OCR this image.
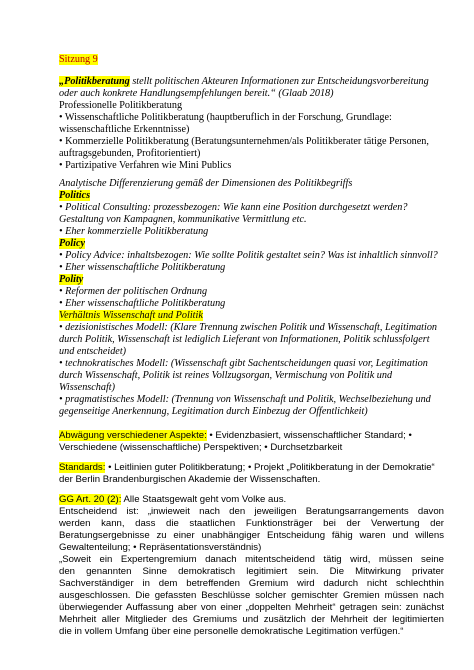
Sitzung 9
„Politikberatung stellt politischen Akteuren Informationen zur Entscheidungsvorbereitung
oder auch konkrete Handlungsempfehlungen bereit.“ (Glaab 2018)
Professionelle Politikberatung
• Wissenschaftliche Politikberatung (hauptberuflich in der Forschung, Grundlage:
wissenschaftliche Erkenntnisse)
• Kommerzielle Politikberatung (Beratungsunternehmen/als Politikberater tätige Personen,
auftragsgebunden, Profitorientiert)
• Partizipative Verfahren wie Mini Publics
Analytische Differenzierung gemäß der Dimensionen des Politikbegriffs
Politics
• Political Consulting: prozessbezogen: Wie kann eine Position durchgesetzt werden?
Gestaltung von Kampagnen, kommunikative Vermittlung etc.
• Eher kommerzielle Politikberatung
Policy
• Policy Advice: inhaltsbezogen: Wie sollte Politik gestaltet sein? Was ist inhaltlich sinnvoll?
• Eher wissenschaftliche Politikberatung
Polity
• Reformen der politischen Ordnung
• Eher wissenschaftliche Politikberatung
Verhältnis Wissenschaft und Politik
• dezisionistisches Modell: (Klare Trennung zwischen Politik und Wissenschaft, Legitimation
durch Politik, Wissenschaft ist lediglich Lieferant von Informationen, Politik schlussfolgert
und entscheidet)
• technokratisches Modell: (Wissenschaft gibt Sachentscheidungen quasi vor, Legitimation
durch Wissenschaft, Politik ist reines Vollzugsorgan, Vermischung von Politik und
Wissenschaft)
• pragmatistisches Modell: (Trennung von Wissenschaft und Politik, Wechselbeziehung und
gegenseitige Anerkennung, Legitimation durch Einbezug der Öffentlichkeit)
Abwägung verschiedener Aspekte: • Evidenzbasiert, wissenschaftlicher Standard; •
Verschiedene (wissenschaftliche) Perspektiven; • Durchsetzbarkeit
Standards: • Leitlinien guter Politikberatung; • Projekt „Politikberatung in der Demokratie“
der Berlin Brandenburgischen Akademie der Wissenschaften.
GG Art. 20 (2): Alle Staatsgewalt geht vom Volke aus.
Entscheidend ist: „inwieweit nach den jeweiligen Beratungsarrangements davon
werden kann, dass die staatlichen Funktionsträger bei der Verwertung der
Beratungsergebnisse zu einer unabhängiger Entscheidung fähig waren und willens
Gewaltenteilung; • Repräsentationsverständnis)
„Soweit ein Expertengremium danach mitentscheidend tätig wird, müssen seine
den genannten Sinne demokratisch legitimiert sein. Die Mitwirkung privater
Sachverständiger in dem betreffenden Gremium wird dadurch nicht schlechthin
ausgeschlossen. Die gefassten Beschlüsse solcher gemischter Gremien müssen nach
überwiegender Auffassung aber von einer „doppelten Mehrheit“ getragen sein: zunächst
Mehrheit aller Mitglieder des Gremiums und zusätzlich der Mehrheit der legitimierten
die in vollem Umfang über eine personelle demokratische Legitimation verfügen.“
